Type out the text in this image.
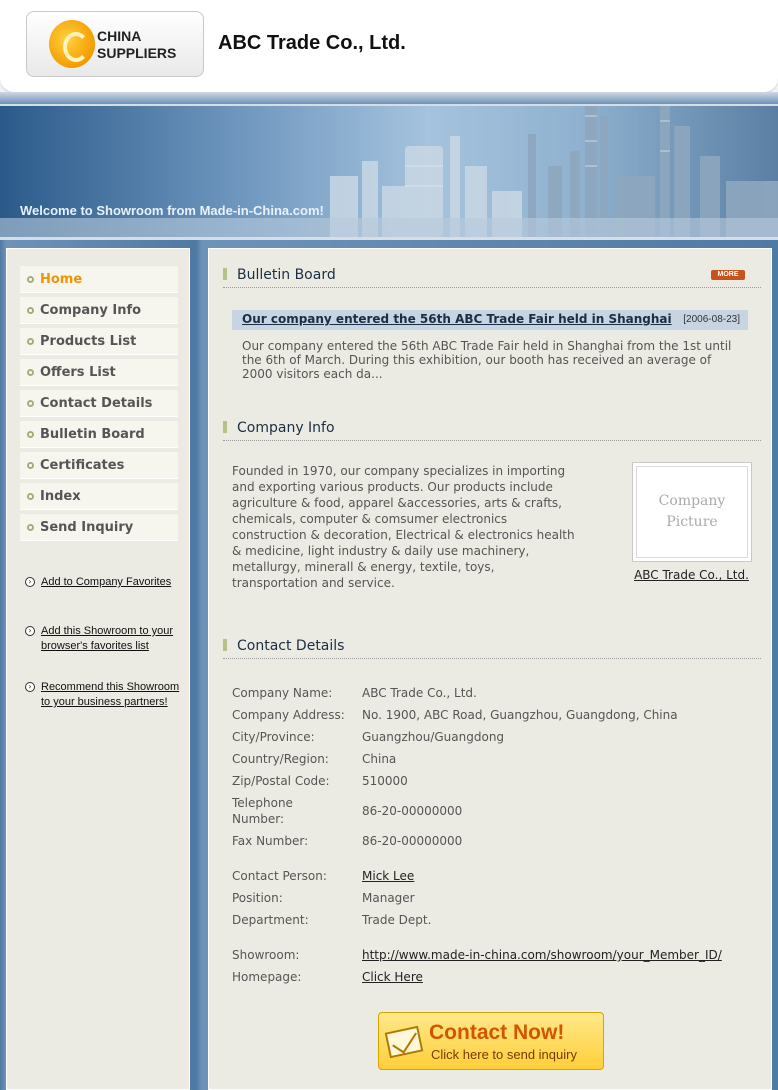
CHINA
SUPPLIERS ABC Trade Co., Ltd.
Welcome to Showroom from Made-in-China.com!
Home
Company Info
Products List
Offers List
Contact Details
Bulletin Board
Certificates
Index
Send Inquiry
› Add to Company Favorites
› Add this Showroom to your
browser's favorites list
› Recommend this Showroom
to your business partners!
Bulletin Board	MORE
Our company entered the 56th ABC Trade Fair held in Shanghai [2006-08-23]
Our company entered the 56th ABC Trade Fair held in Shanghai from the 1st until the 6th of March. During this exhibition, our booth has received an average of 2000 visitors each da...
Company Info
Founded in 1970, our company specializes in importing and exporting various products. Our products include agriculture & food, apparel &accessories, arts & crafts, chemicals, computer & comsumer electronics construction & decoration, Electrical & electronics health & medicine, light industry & daily use machinery, metallurgy, minerall & energy, textile, toys, transportation and service.
Company
Picture
ABC Trade Co., Ltd.
Contact Details
Company Name:	ABC Trade Co., Ltd.
Company Address:	No. 1900, ABC Road, Guangzhou, Guangdong, China
City/Province:	Guangzhou/Guangdong
Country/Region:	China
Zip/Postal Code:	510000
Telephone
Number:
86-20-00000000
Fax Number:	86-20-00000000
Contact Person:	Mick Lee
Position:	Manager
Department:	Trade Dept.
Showroom:	http://www.made-in-china.com/showroom/your_Member_ID/
Homepage:	Click Here
Contact Now!
Click here to send inquiry
